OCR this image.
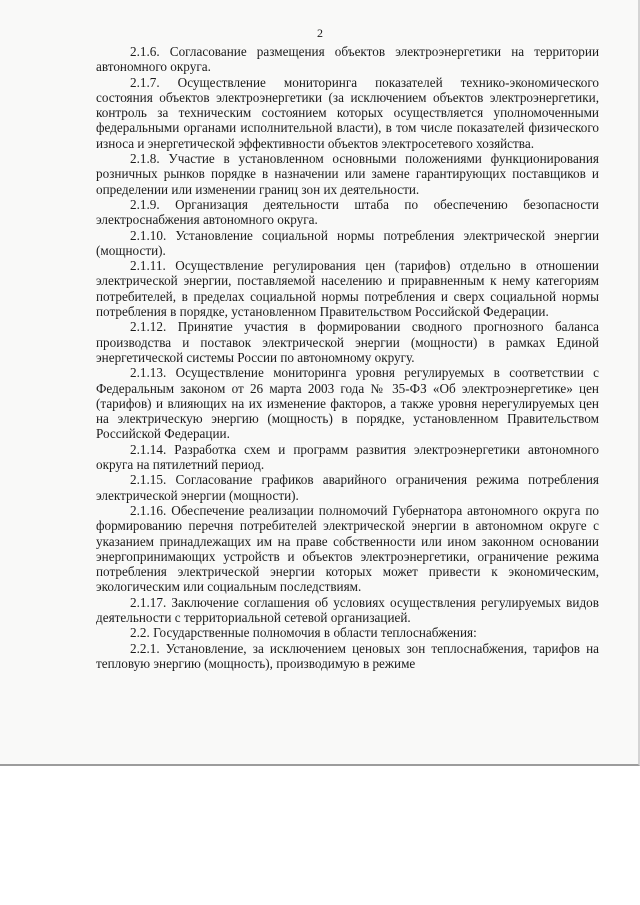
2

2.1.6. Согласование размещения объектов электроэнергетики на территории автономного округа.

2.1.7. Осуществление мониторинга показателей технико-экономического состояния объектов электроэнергетики (за исключением объектов электроэнергетики, контроль за техническим состоянием которых осуществляется уполномоченными федеральными органами исполнительной власти), в том числе показателей физического износа и энергетической эффективности объектов электросетевого хозяйства.

2.1.8. Участие в установленном основными положениями функционирования розничных рынков порядке в назначении или замене гарантирующих поставщиков и определении или изменении границ зон их деятельности.

2.1.9. Организация деятельности штаба по обеспечению безопасности электроснабжения автономного округа.

2.1.10. Установление социальной нормы потребления электрической энергии (мощности).

2.1.11. Осуществление регулирования цен (тарифов) отдельно в отношении электрической энергии, поставляемой населению и приравненным к нему категориям потребителей, в пределах социальной нормы потребления и сверх социальной нормы потребления в порядке, установленном Правительством Российской Федерации.

2.1.12. Принятие участия в формировании сводного прогнозного баланса производства и поставок электрической энергии (мощности) в рамках Единой энергетической системы России по автономному округу.

2.1.13. Осуществление мониторинга уровня регулируемых в соответствии с Федеральным законом от 26 марта 2003 года № 35-ФЗ «Об электроэнергетике» цен (тарифов) и влияющих на их изменение факторов, а также уровня нерегулируемых цен на электрическую энергию (мощность) в порядке, установленном Правительством Российской Федерации.

2.1.14. Разработка схем и программ развития электроэнергетики автономного округа на пятилетний период.

2.1.15. Согласование графиков аварийного ограничения режима потребления электрической энергии (мощности).

2.1.16. Обеспечение реализации полномочий Губернатора автономного округа по формированию перечня потребителей электрической энергии в автономном округе с указанием принадлежащих им на праве собственности или ином законном основании энергопринимающих устройств и объектов электроэнергетики, ограничение режима потребления электрической энергии которых может привести к экономическим, экологическим или социальным последствиям.

2.1.17. Заключение соглашения об условиях осуществления регулируемых видов деятельности с территориальной сетевой организацией.

2.2. Государственные полномочия в области теплоснабжения:

2.2.1. Установление, за исключением ценовых зон теплоснабжения, тарифов на тепловую энергию (мощность), производимую в режиме
